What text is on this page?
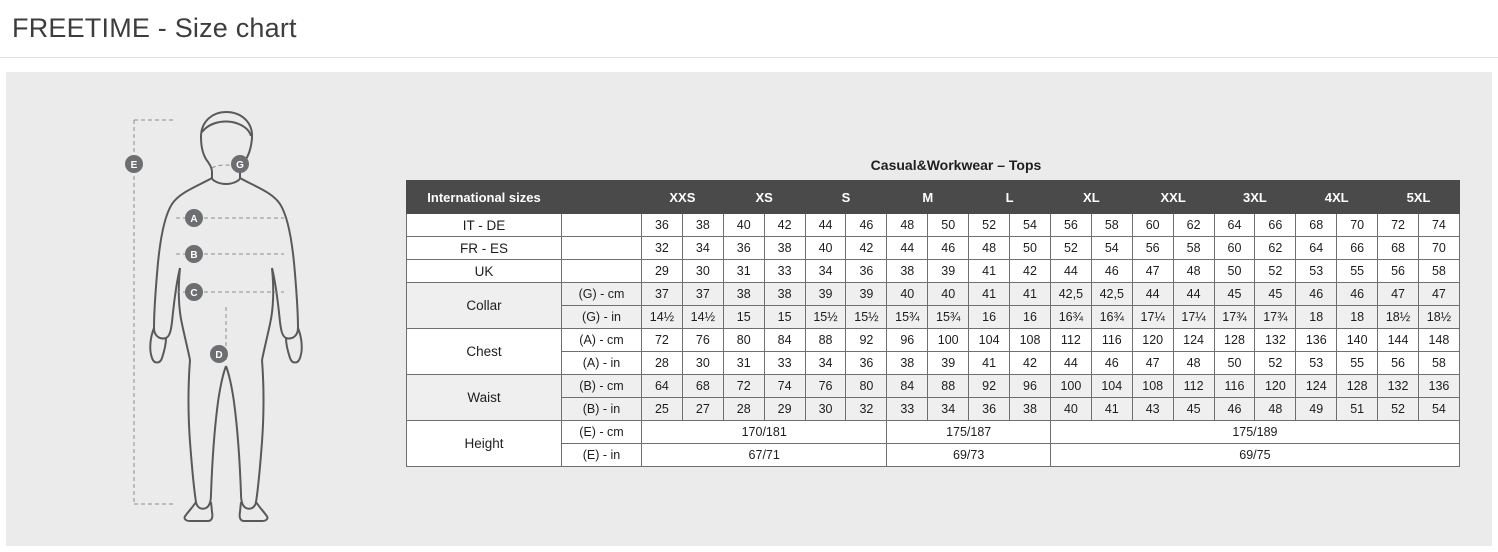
FREETIME - Size chart
E	G
A
B
C
D
Casual&Workwear – Tops
International sizes		XXS		XS		S		M		L		XL		XXL		3XL		4XL		5XL	
IT - DE		36	38	40	42	44	46	48	50	52	54	56	58	60	62	64	66	68	70	72	74
FR - ES		32	34	36	38	40	42	44	46	48	50	52	54	56	58	60	62	64	66	68	70
UK		29	30	31	33	34	36	38	39	41	42	44	46	47	48	50	52	53	55	56	58
Collar	(G) - cm	37	37	38	38	39	39	40	40	41	41	42,5	42,5	44	44	45	45	46	46	47	47
	(G) - in	14½	14½	15	15	15½	15½	15¾	15¾	16	16	16¾	16¾	17¼	17¼	17¾	17¾	18	18	18½	18½
Chest	(A) - cm	72	76	80	84	88	92	96	100	104	108	112	116	120	124	128	132	136	140	144	148
	(A) - in	28	30	31	33	34	36	38	39	41	42	44	46	47	48	50	52	53	55	56	58
Waist	(B) - cm	64	68	72	74	76	80	84	88	92	96	100	104	108	112	116	120	124	128	132	136
	(B) - in	25	27	28	29	30	32	33	34	36	38	40	41	43	45	46	48	49	51	52	54
Height	(E) - cm	170/181						175/187				175/189									
	(E) - in	67/71						69/73				69/75									
